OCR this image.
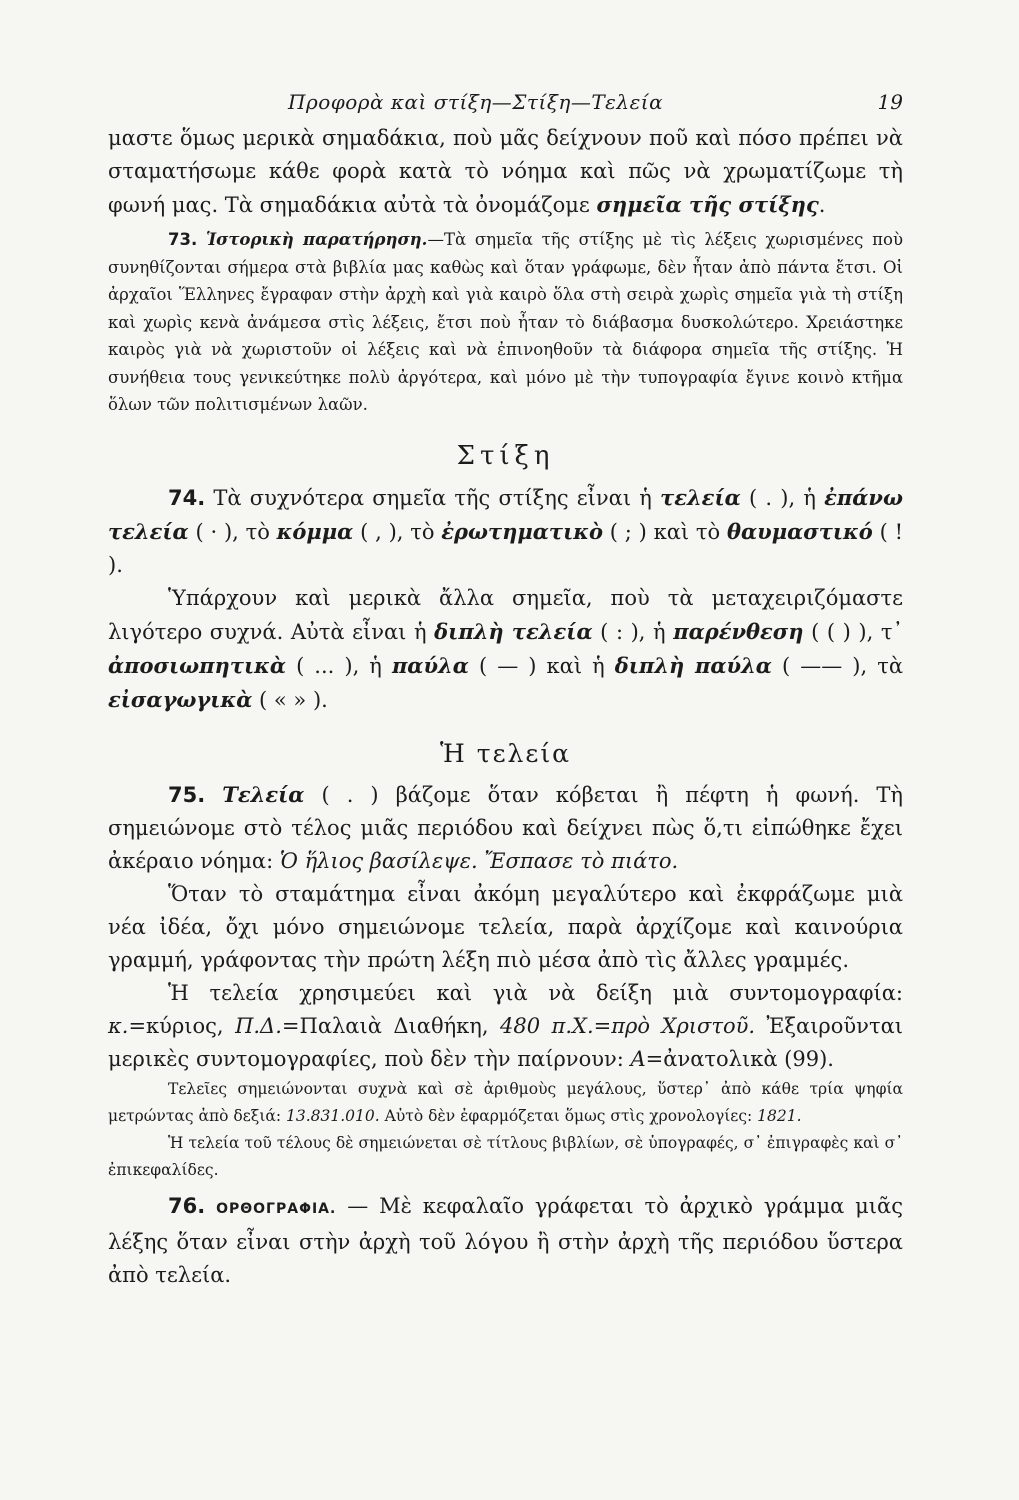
Προφορὰ καὶ στίξη—Στίξη—Τελεία	19

μαστε ὅμως μερικὰ σημαδάκια, ποὺ μᾶς δείχνουν ποῦ καὶ πόσο πρέπει νὰ σταματήσωμε κάθε φορὰ κατὰ τὸ νόημα καὶ πῶς νὰ χρωματίζωμε τὴ φωνή μας. Τὰ σημαδάκια αὐτὰ τὰ ὀνομάζομε σημεῖα τῆς στίξης.

73. Ἱστορικὴ παρατήρηση.—Τὰ σημεῖα τῆς στίξης μὲ τὶς λέξεις χωρισμένες ποὺ συνηθίζονται σήμερα στὰ βιβλία μας καθὼς καὶ ὅταν γράφωμε, δὲν ἦταν ἀπὸ πάντα ἔτσι. Οἱ ἀρχαῖοι Ἕλληνες ἔγραφαν στὴν ἀρχὴ καὶ γιὰ καιρὸ ὅλα στὴ σειρὰ χωρὶς σημεῖα γιὰ τὴ στίξη καὶ χωρὶς κενὰ ἀνάμεσα στὶς λέξεις, ἔτσι ποὺ ἦταν τὸ διάβασμα δυσκολώτερο. Χρειάστηκε καιρὸς γιὰ νὰ χωριστοῦν οἱ λέξεις καὶ νὰ ἐπινοηθοῦν τὰ διάφορα σημεῖα τῆς στίξης. Ἡ συνήθεια τους γενικεύτηκε πολὺ ἀργότερα, καὶ μόνο μὲ τὴν τυπογραφία ἔγινε κοινὸ κτῆμα ὅλων τῶν πολιτισμένων λαῶν.

Στίξη

74. Τὰ συχνότερα σημεῖα τῆς στίξης εἶναι ἡ τελεία ( . ), ἡ ἐπάνω τελεία ( · ), τὸ κόμμα ( , ), τὸ ἐρωτηματικὸ ( ; ) καὶ τὸ θαυμαστικό ( ! ).

Ὑπάρχουν καὶ μερικὰ ἄλλα σημεῖα, ποὺ τὰ μεταχειριζόμαστε λιγότερο συχνά. Αὐτὰ εἶναι ἡ διπλὴ τελεία ( : ), ἡ παρένθεση ( ( ) ), τ᾽ ἀποσιωπητικὰ ( ... ), ἡ παύλα ( — ) καὶ ἡ διπλὴ παύλα ( —— ), τὰ εἰσαγωγικὰ ( « » ).

Ἡ τελεία

75. Τελεία ( . ) βάζομε ὅταν κόβεται ἢ πέφτη ἡ φωνή. Τὴ σημειώνομε στὸ τέλος μιᾶς περιόδου καὶ δείχνει πὼς ὅ,τι εἰπώθηκε ἔχει ἀκέραιο νόημα: Ὁ ἥλιος βασίλεψε. Ἔσπασε τὸ πιάτο.

Ὅταν τὸ σταμάτημα εἶναι ἀκόμη μεγαλύτερο καὶ ἐκφράζωμε μιὰ νέα ἰδέα, ὄχι μόνο σημειώνομε τελεία, παρὰ ἀρχίζομε καὶ καινούρια γραμμή, γράφοντας τὴν πρώτη λέξη πιὸ μέσα ἀπὸ τὶς ἄλλες γραμμές.

Ἡ τελεία χρησιμεύει καὶ γιὰ νὰ δείξη μιὰ συντομογραφία: κ.=κύριος, Π.Δ.=Παλαιὰ Διαθήκη, 480 π.Χ.=πρὸ Χριστοῦ. Ἐξαιροῦνται μερικὲς συντομογραφίες, ποὺ δὲν τὴν παίρνουν: Α=ἀνατολικὰ (99).

Τελεῖες σημειώνονται συχνὰ καὶ σὲ ἀριθμοὺς μεγάλους, ὕστερ᾽ ἀπὸ κάθε τρία ψηφία μετρώντας ἀπὸ δεξιά: 13.831.010. Αὐτὸ δὲν ἐφαρμόζεται ὅμως στὶς χρονολογίες: 1821.

Ἡ τελεία τοῦ τέλους δὲ σημειώνεται σὲ τίτλους βιβλίων, σὲ ὑπογραφές, σ᾽ ἐπιγραφὲς καὶ σ᾽ ἐπικεφαλίδες.

76. ΟΡΘΟΓΡΑΦΙΑ. — Μὲ κεφαλαῖο γράφεται τὸ ἀρχικὸ γράμμα μιᾶς λέξης ὅταν εἶναι στὴν ἀρχὴ τοῦ λόγου ἢ στὴν ἀρχὴ τῆς περιόδου ὕστερα ἀπὸ τελεία.
